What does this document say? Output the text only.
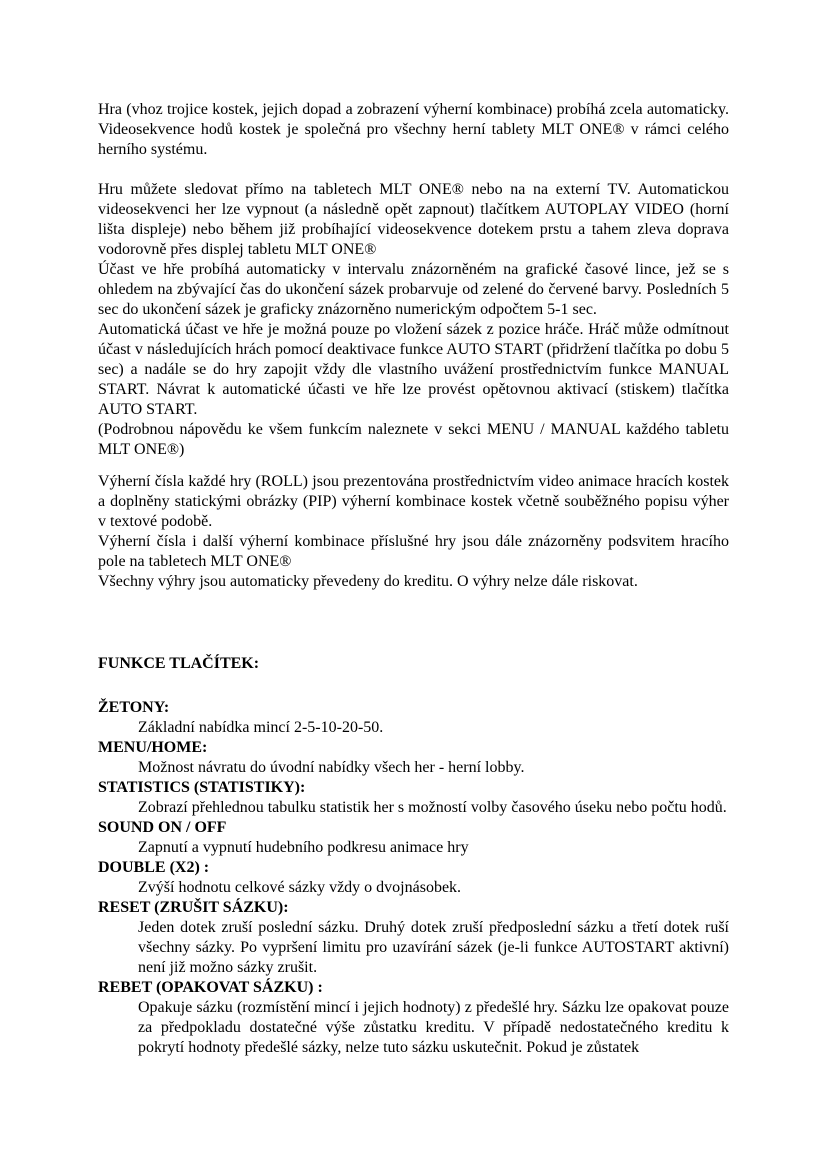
Hra (vhoz trojice kostek, jejich dopad a zobrazení výherní kombinace) probíhá zcela automaticky. Videosekvence hodů kostek je společná pro všechny herní tablety MLT ONE® v rámci celého herního systému.

Hru můžete sledovat přímo na tabletech MLT ONE® nebo na na externí TV. Automatickou videosekvenci her lze vypnout (a následně opět zapnout) tlačítkem AUTOPLAY VIDEO (horní lišta displeje) nebo během již probíhající videosekvence dotekem prstu a tahem zleva doprava vodorovně přes displej tabletu MLT ONE®

Účast ve hře probíhá automaticky v intervalu znázorněném na grafické časové lince, jež se s ohledem na zbývající čas do ukončení sázek probarvuje od zelené do červené barvy. Posledních 5 sec do ukončení sázek je graficky znázorněno numerickým odpočtem 5-1 sec.

Automatická účast ve hře je možná pouze po vložení sázek z pozice hráče. Hráč může odmítnout účast v následujících hrách pomocí deaktivace funkce AUTO START (přidržení tlačítka po dobu 5 sec) a nadále se do hry zapojit vždy dle vlastního uvážení prostřednictvím funkce MANUAL START. Návrat k automatické účasti ve hře lze provést opětovnou aktivací (stiskem) tlačítka AUTO START.

(Podrobnou nápovědu ke všem funkcím naleznete v sekci MENU / MANUAL každého tabletu MLT ONE®)

Výherní čísla každé hry (ROLL) jsou prezentována prostřednictvím video animace hracích kostek a doplněny statickými obrázky (PIP) výherní kombinace kostek včetně souběžného popisu výher v textové podobě.

Výherní čísla i další výherní kombinace příslušné hry jsou dále znázorněny podsvitem hracího pole na tabletech MLT ONE®

Všechny výhry jsou automaticky převedeny do kreditu. O výhry nelze dále riskovat.

FUNKCE TLAČÍTEK:

ŽETONY:

Základní nabídka mincí 2-5-10-20-50.

MENU/HOME:

Možnost návratu do úvodní nabídky všech her - herní lobby.

STATISTICS (STATISTIKY):

Zobrazí přehlednou tabulku statistik her s možností volby časového úseku nebo počtu hodů.

SOUND ON / OFF

Zapnutí a vypnutí hudebního podkresu animace hry

DOUBLE (X2) :

Zvýší hodnotu celkové sázky vždy o dvojnásobek.

RESET (ZRUŠIT SÁZKU):

Jeden dotek zruší poslední sázku. Druhý dotek zruší předposlední sázku a třetí dotek ruší všechny sázky. Po vypršení limitu pro uzavírání sázek (je-li funkce AUTOSTART aktivní) není již možno sázky zrušit.

REBET (OPAKOVAT SÁZKU) :

Opakuje sázku (rozmístění mincí i jejich hodnoty) z předešlé hry. Sázku lze opakovat pouze za předpokladu dostatečné výše zůstatku kreditu. V případě nedostatečného kreditu k pokrytí hodnoty předešlé sázky, nelze tuto sázku uskutečnit. Pokud je zůstatek
